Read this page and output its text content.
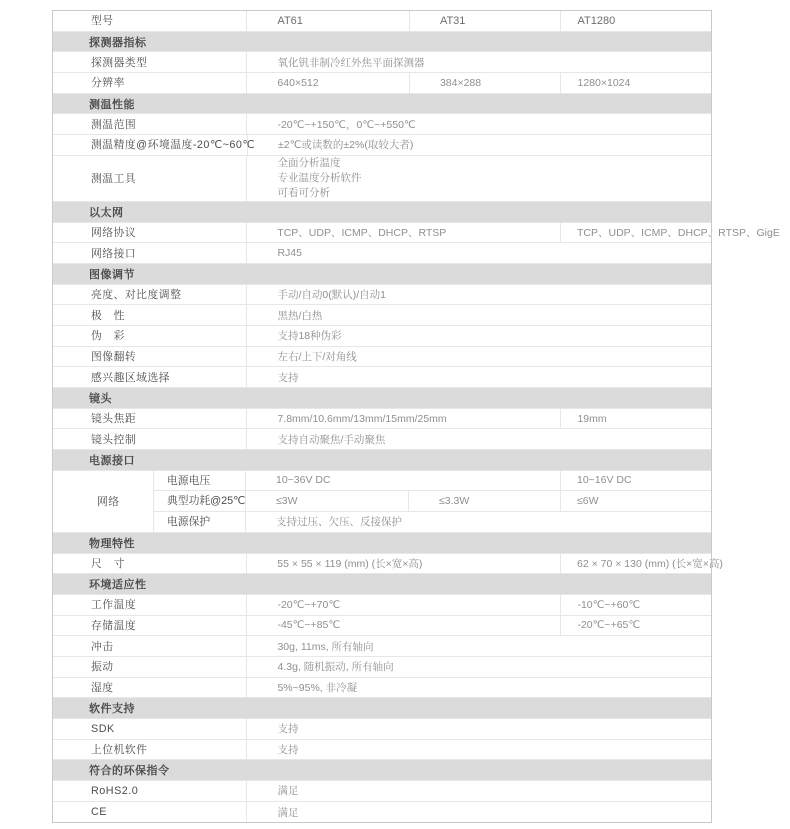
型号	AT61	AT31	AT1280
探测器指标
探测器类型	氧化钒非制冷红外焦平面探测器
分辨率	640×512	384×288	1280×1024
测温性能
测温范围	-20℃~+150℃，0℃~+550℃
测温精度@环境温度-20℃~60℃	±2℃或读数的±2%(取较大者)
测温工具
全面分析温度
专业温度分析软件
可看可分析
以太网
网络协议	TCP、UDP、ICMP、DHCP、RTSP	TCP、UDP、ICMP、DHCP、RTSP、GigE
网络接口	RJ45
图像调节
亮度、对比度调整	手动/自动0(默认)/自动1
极　性	黑热/白热
伪　彩	支持18种伪彩
图像翻转	左右/上下/对角线
感兴趣区域选择	支持
镜头
镜头焦距	7.8mm/10.6mm/13mm/15mm/25mm	19mm
镜头控制	支持自动聚焦/手动聚焦
电源接口
网络
电源电压	10~36V DC	10~16V DC
典型功耗@25℃	≤3W	≤3.3W	≤6W
电源保护	支持过压、欠压、反接保护
物理特性
尺　寸	55 × 55 × 119 (mm) (长×宽×高)	62 × 70 × 130 (mm) (长×宽×高)
环境适应性
工作温度	-20℃~+70℃	-10℃~+60℃
存储温度	-45℃~+85℃	-20℃~+65℃
冲击	30g, 11ms, 所有轴向
振动	4.3g, 随机振动, 所有轴向
湿度	5%~95%, 非冷凝
软件支持
SDK	支持
上位机软件	支持
符合的环保指令
RoHS2.0	满足
CE	满足
